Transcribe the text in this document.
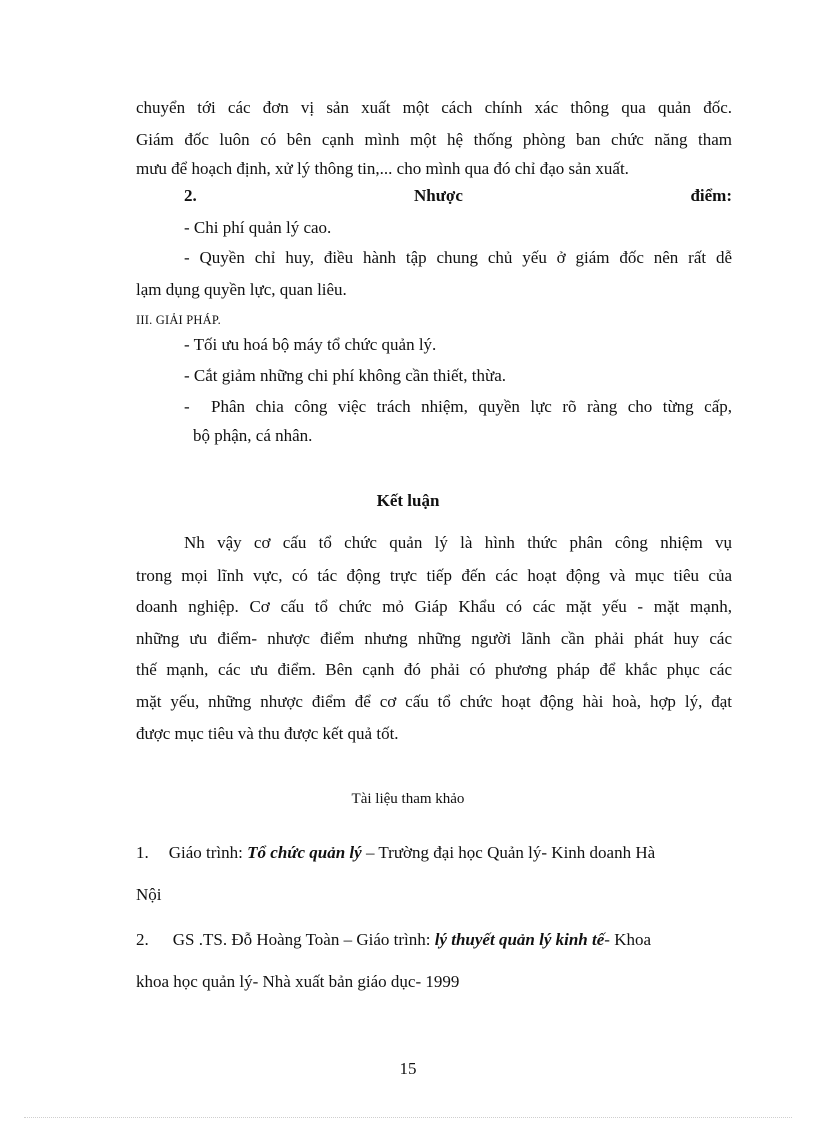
chuyển tới các đơn vị sản xuất một cách chính xác thông qua quản đốc.
Giám đốc luôn có bên cạnh mình một hệ thống phòng ban chức năng tham
mưu để hoạch định, xử lý thông tin,... cho mình qua đó chỉ đạo sản xuất.
2.	Nhược	điểm:
- Chi phí quản lý cao.
- Quyền chỉ huy, điều hành tập chung chủ yếu ở giám đốc nên rất dễ
lạm dụng quyền lực, quan liêu.
III. GIẢI PHÁP.
- Tối ưu hoá bộ máy tổ chức quản lý.
- Cắt giảm những chi phí không cần thiết, thừa.
- Phân chia công việc trách nhiệm, quyền lực rõ ràng cho từng cấp,
bộ phận, cá nhân.
Kết luận
Nh vậy cơ cấu tổ chức quản lý là hình thức phân công nhiệm vụ
trong mọi lĩnh vực, có tác động trực tiếp đến các hoạt động và mục tiêu của
doanh nghiệp. Cơ cấu tổ chức mỏ Giáp Khẩu có các mặt yếu - mặt mạnh,
những ưu điểm- nhược điểm nhưng những người lãnh cần phải phát huy các
thế mạnh, các ưu điểm. Bên cạnh đó phải có phương pháp để khắc phục các
mặt yếu, những nhược điểm để cơ cấu tổ chức hoạt động hài hoà, hợp lý, đạt
được mục tiêu và thu được kết quả tốt.
Tài liệu tham khảo
1. Giáo trình: Tổ chức quản lý – Trường đại học Quản lý- Kinh doanh Hà
Nội
2. GS .TS. Đỗ Hoàng Toàn – Giáo trình: lý thuyết quản lý kinh tế- Khoa
khoa học quản lý- Nhà xuất bản giáo dục- 1999
15
